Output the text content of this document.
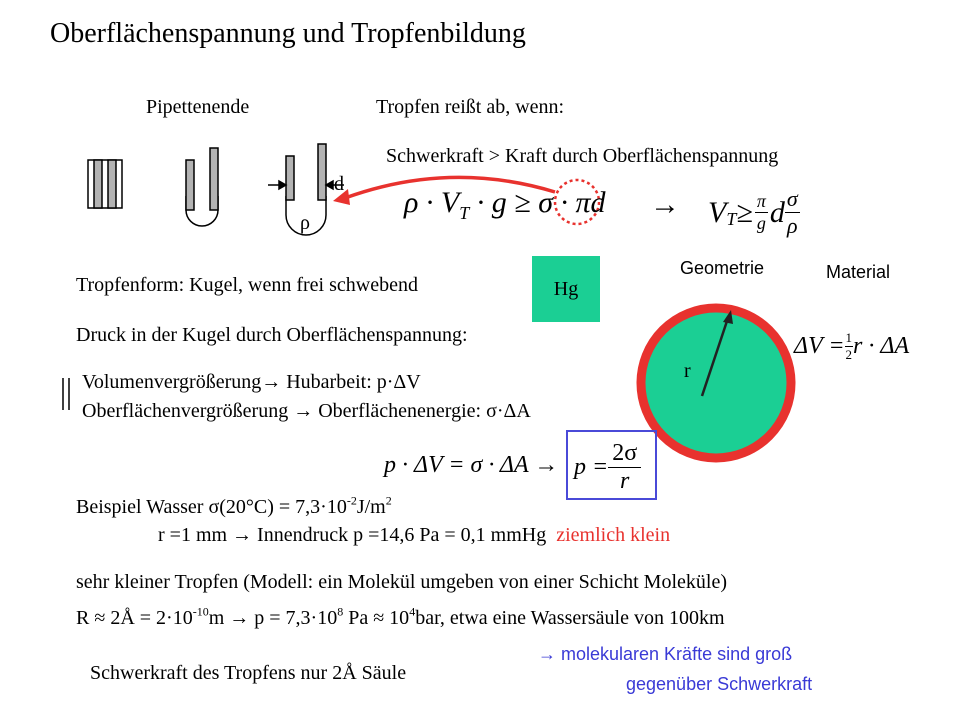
Oberflächenspannung und Tropfenbildung
Pipettenende	Tropfen reißt ab, wenn:
Schwerkraft > Kraft durch Oberflächenspannung
d
ρ
$\rho \cdot V_T \cdot g \ge \sigma \cdot \pi d \to V_T \ge \frac{\pi}{g}$ d σ
ρ
Geometrie	Material
Tropfenform: Kugel, wenn frei schwebend	Hg
Druck in der Kugel durch Oberflächenspannung:
Volumenvergrößerung→ Hubarbeit: p·ΔV
Oberflächenvergrößerung → Oberflächenenergie: σ·ΔA
r
$\Delta V = \frac{1}{2}$ r · ΔA
$p \cdot \Delta V = \sigma \cdot \Delta A \to p = \frac{2\sigma}{r}$
Beispiel Wasser $\sigma(20^\circ C) = 7,3\cdot 10^{-2}J/m^2$
r =1 mm → Innendruck p =14,6 Pa = 0,1 mmHg ziemlich klein
sehr kleiner Tropfen (Modell: ein Molekül umgeben von einer Schicht Moleküle)
R ≈ 2Å = $2\cdot 10^{-10}m \to p = 7,3\cdot 10^8$ $Pa \approx 10^4bar$, etwa eine Wassersäule von 100km
Schwerkraft des Tropfens nur 2Å Säule
→ molekularen Kräfte sind groß
gegenüber Schwerkraft
